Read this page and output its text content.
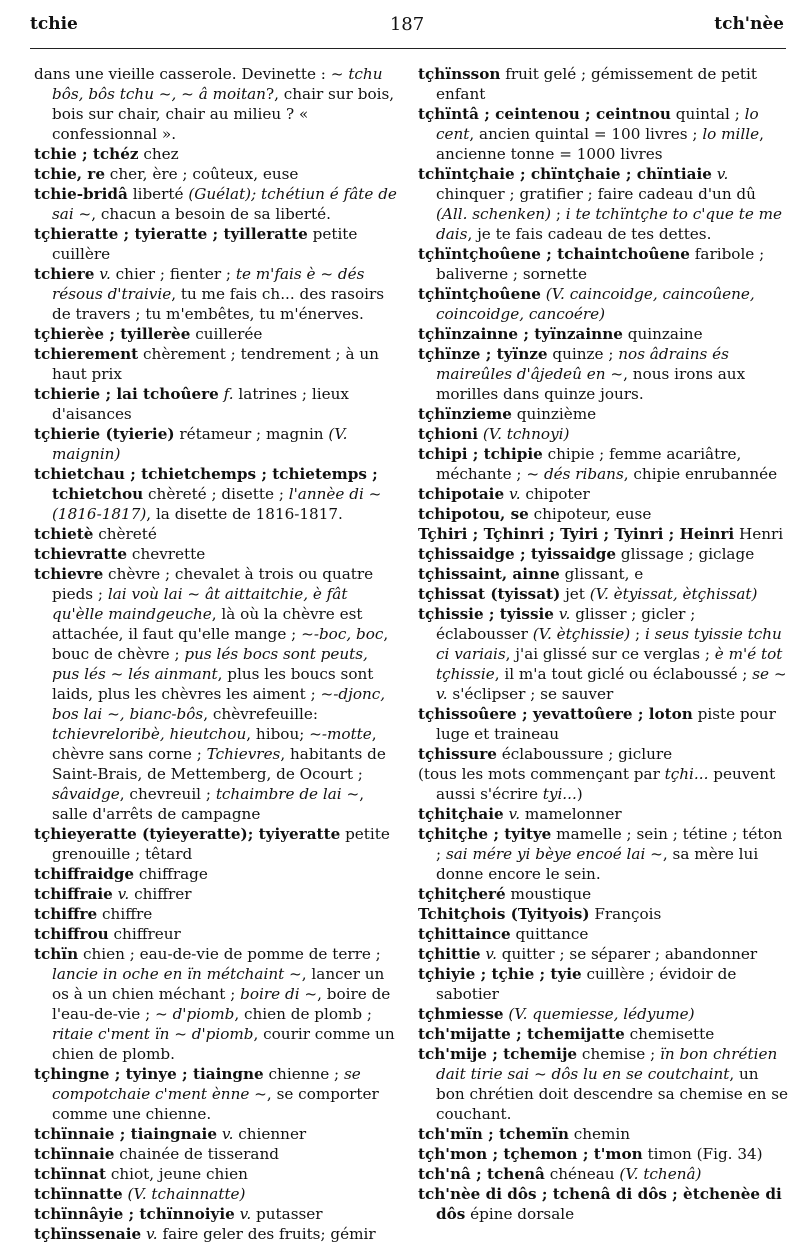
tchie	187	tch'nèe

dans une vieille casserole. Devinette : ~ tchu bôs, bôs tchu ~, ~ â moitan?, chair sur bois, bois sur chair, chair au milieu ? « confessionnal ».

tchie ; tchéz chez

tchie, re cher, ère ; coûteux, euse

tchie-bridâ liberté (Guélat); tchétiun é fâte de sai ~, chacun a besoin de sa liberté.

tçhieratte ; tyieratte ; tyilleratte petite cuillère

tchiere v. chier ; fienter ; te m'fais è ~ dés résous d'traivie, tu me fais ch... des rasoirs de travers ; tu m'embêtes, tu m'énerves.

tçhierèe ; tyillerèe cuillerée

tchierement chèrement ; tendrement ; à un haut prix

tchierie ; lai tchoûere f. latrines ; lieux d'aisances

tçhierie (tyierie) rétameur ; magnin (V. maignin)

tchietchau ; tchietchemps ; tchietemps ; tchietchou chèreté ; disette ; l'annèe di ~ (1816-1817), la disette de 1816-1817.

tchietè chèreté

tchievratte chevrette

tchievre chèvre ; chevalet à trois ou quatre pieds ; lai voù lai ~ ât aittaitchie, è fât qu'èlle maindgeuche, là où la chèvre est attachée, il faut qu'elle mange ; ~-boc, boc, bouc de chèvre ; pus lés bocs sont peuts, pus lés ~ lés ainmant, plus les boucs sont laids, plus les chèvres les aiment ; ~-djonc, bos lai ~, bianc-bôs, chèvrefeuille: tchievreloribè, hieutchou, hibou; ~-motte, chèvre sans corne ; Tchievres, habitants de Saint-Brais, de Mettemberg, de Ocourt ; sâvaidge, chevreuil ; tchaimbre de lai ~, salle d'arrêts de campagne

tçhieyeratte (tyieyeratte); tyiyeratte petite grenouille ; têtard

tchiffraidge chiffrage

tchiffraie v. chiffrer

tchiffre chiffre

tchiffrou chiffreur

tchïn chien ; eau-de-vie de pomme de terre ; lancie in oche en ïn métchaint ~, lancer un os à un chien méchant ; boire di ~, boire de l'eau-de-vie ; ~ d'piomb, chien de plomb ; ritaie c'ment ïn ~ d'piomb, courir comme un chien de plomb.

tçhingne ; tyinye ; tiaingne chienne ; se compotchaie c'ment ènne ~, se comporter comme une chienne.

tchïnnaie ; tiaingnaie v. chienner

tchïnnaie chainée de tisserand

tchïnnat chiot, jeune chien

tchïnnatte (V. tchainnatte)

tchïnnâyie ; tchïnnoiyie v. putasser

tçhïnssenaie v. faire geler des fruits; gémir

tçhïnsson fruit gelé ; gémissement de petit enfant

tçhïntâ ; ceintenou ; ceintnou quintal ; lo cent, ancien quintal = 100 livres ; lo mille, ancienne tonne = 1000 livres

tchïntçhaie ; chïntçhaie ; chïntiaie v. chinquer ; gratifier ; faire cadeau d'un dû (All. schenken) ; i te tchïntçhe to c'que te me dais, je te fais cadeau de tes dettes.

tçhïntçhoûene ; tchaintchoûene faribole ; baliverne ; sornette

tçhïntçhoûene (V. caincoidge, caincoûene, coincoidge, cancoére)

tçhïnzainne ; tyïnzainne quinzaine

tçhïnze ; tyïnze quinze ; nos âdrains és maireûles d'âjedeû en ~, nous irons aux morilles dans quinze jours.

tçhïnzieme quinzième

tçhioni (V. tchnoyi)

tchipi ; tchipie chipie ; femme acariâtre, méchante ; ~ dés ribans, chipie enrubannée

tchipotaie v. chipoter

tchipotou, se chipoteur, euse

Tçhiri ; Tçhinri ; Tyiri ; Tyinri ; Heinri Henri

tçhissaidge ; tyissaidge glissage ; giclage

tçhissaint, ainne glissant, e

tçhissat (tyissat) jet (V. ètyissat, ètçhissat)

tçhissie ; tyissie v. glisser ; gicler ; éclabousser (V. ètçhissie) ; i seus tyissie tchu ci variais, j'ai glissé sur ce verglas ; è m'é tot tçhissie, il m'a tout giclé ou éclaboussé ; se ~ v. s'éclipser ; se sauver

tçhissoûere ; yevattoûere ; loton piste pour luge et traineau

tçhissure éclaboussure ; giclure

(tous les mots commençant par tçhi... peuvent aussi s'écrire tyi...)

tçhitçhaie v. mamelonner

tçhitçhe ; tyitye mamelle ; sein ; tétine ; téton ; sai mére yi bèye encoé lai ~, sa mère lui donne encore le sein.

tçhitçheré moustique

Tchitçhois (Tyityois) François

tçhittaince quittance

tçhittie v. quitter ; se séparer ; abandonner

tçhiyie ; tçhie ; tyie cuillère ; évidoir de sabotier

tçhmiesse (V. quemiesse, lédyume)

tch'mijatte ; tchemijatte chemisette

tch'mije ; tchemije chemise ; ïn bon chrétien dait tirie sai ~ dôs lu en se coutchaint, un bon chrétien doit descendre sa chemise en se couchant.

tch'mïn ; tchemïn chemin

tçh'mon ; tçhemon ; t'mon timon (Fig. 34)

tch'nâ ; tchenâ chéneau (V. tchenâ)

tch'nèe di dôs ; tchenâ di dôs ; ètchenèe di dôs épine dorsale
